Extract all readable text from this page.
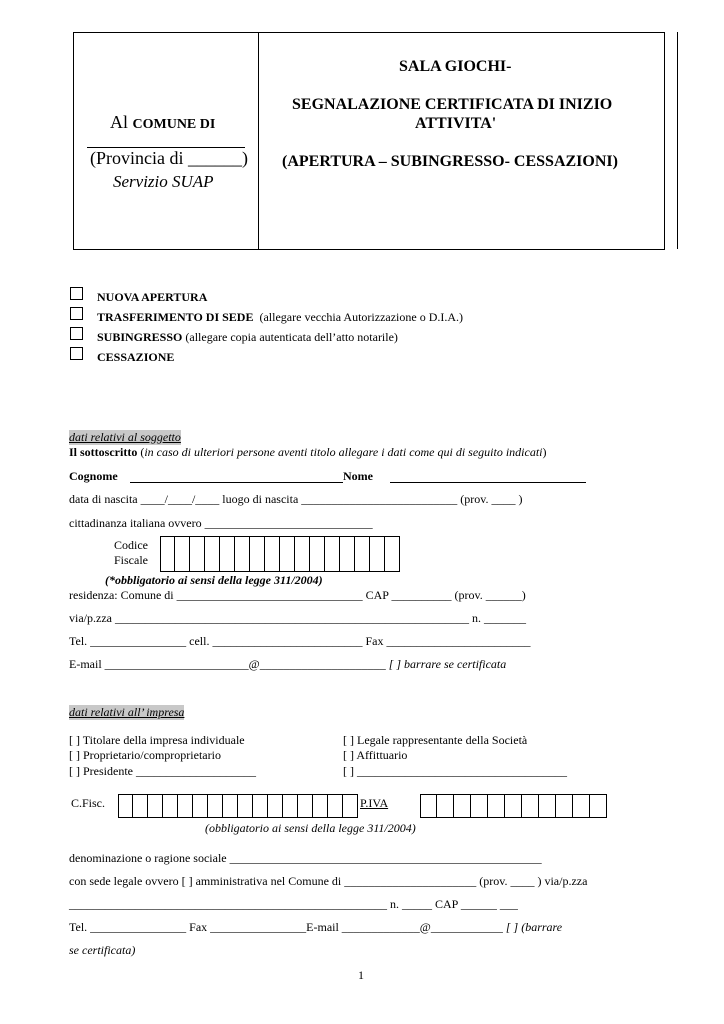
Al COMUNE DI
(Provincia di ______)
Servizio SUAP
SALA GIOCHI-
SEGNALAZIONE CERTIFICATA DI INIZIO
ATTIVITA'
(APERTURA – SUBINGRESSO- CESSAZIONI)
NUOVA APERTURA
TRASFERIMENTO DI SEDE  (allegare vecchia Autorizzazione o D.I.A.)
SUBINGRESSO (allegare copia autenticata dell’atto notarile)
CESSAZIONE
dati relativi al soggetto
Il sottoscritto (in caso di ulteriori persone aventi titolo allegare i dati come qui di seguito indicati)
Cognome	Nome
data di nascita ____/____/____ luogo di nascita __________________________ (prov. ____ )
cittadinanza italiana ovvero ____________________________
Codice
Fiscale
(*obbligatorio ai sensi della legge 311/2004)
residenza: Comune di _______________________________ CAP __________ (prov. ______)
via/p.zza ___________________________________________________________ n. _______
Tel. ________________ cell. _________________________ Fax ________________________
E-mail ________________________@_____________________ [ ] barrare se certificata
dati relativi all’ impresa
[ ] Titolare della impresa individuale
[ ] Proprietario/comproprietario
[ ] Presidente ____________________
[ ] Legale rappresentante della Società
[ ] Affittuario
[ ] ___________________________________
C.Fisc.	P.IVA
(obbligatorio ai sensi della legge 311/2004)
denominazione o ragione sociale ____________________________________________________
con sede legale ovvero [ ] amministrativa nel Comune di ______________________ (prov. ____ ) via/p.zza
_____________________________________________________ n. _____ CAP ______ ___
Tel. ________________ Fax ________________E-mail _____________@____________ [ ] (barrare
se certificata)
1
